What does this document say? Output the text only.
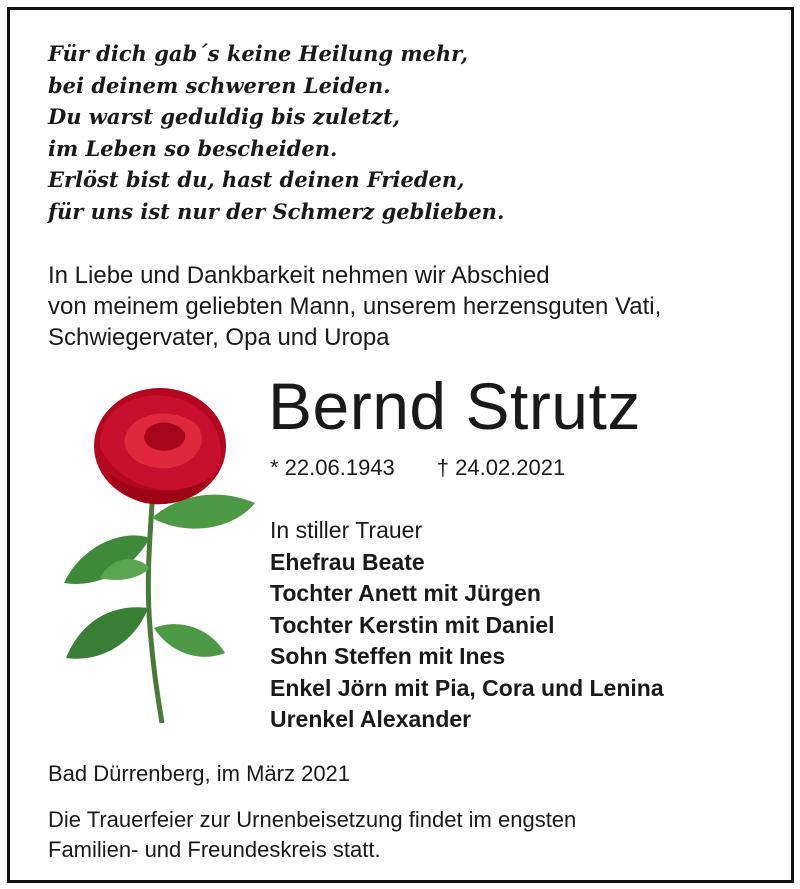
Für dich gab´s keine Heilung mehr,
bei deinem schweren Leiden.
Du warst geduldig bis zuletzt,
im Leben so bescheiden.
Erlöst bist du, hast deinen Frieden,
für uns ist nur der Schmerz geblieben.
In Liebe und Dankbarkeit nehmen wir Abschied
von meinem geliebten Mann, unserem herzensguten Vati,
Schwiegervater, Opa und Uropa
Bernd Strutz
* 22.06.1943 † 24.02.2021
In stiller Trauer
Ehefrau Beate
Tochter Anett mit Jürgen
Tochter Kerstin mit Daniel
Sohn Steffen mit Ines
Enkel Jörn mit Pia, Cora und Lenina
Urenkel Alexander
Bad Dürrenberg, im März 2021
Die Trauerfeier zur Urnenbeisetzung findet im engsten
Familien- und Freundeskreis statt.
